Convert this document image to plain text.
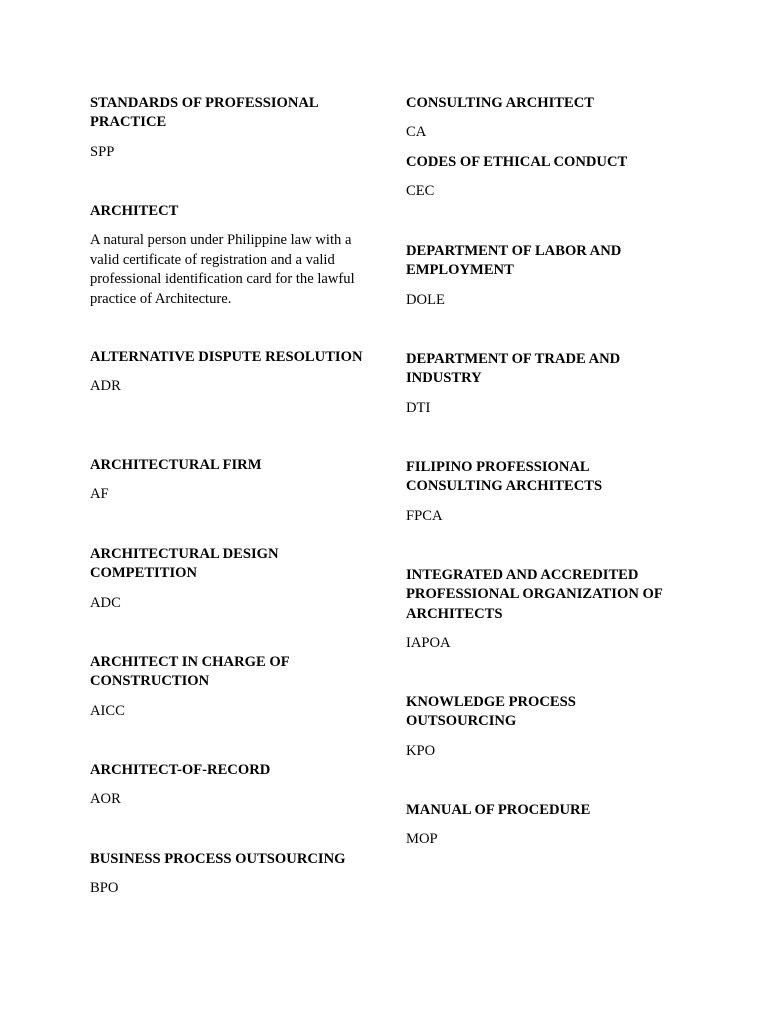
STANDARDS OF PROFESSIONAL PRACTICE

SPP

ARCHITECT

A natural person under Philippine law with a valid certificate of registration and a valid professional identification card for the lawful practice of Architecture.

ALTERNATIVE DISPUTE RESOLUTION

ADR

ARCHITECTURAL FIRM

AF

ARCHITECTURAL DESIGN COMPETITION

ADC

ARCHITECT IN CHARGE OF CONSTRUCTION

AICC

ARCHITECT-OF-RECORD

AOR

BUSINESS PROCESS OUTSOURCING

BPO

CONSULTING ARCHITECT

CA

CODES OF ETHICAL CONDUCT

CEC

DEPARTMENT OF LABOR AND EMPLOYMENT

DOLE

DEPARTMENT OF TRADE AND INDUSTRY

DTI

FILIPINO PROFESSIONAL CONSULTING ARCHITECTS

FPCA

INTEGRATED AND ACCREDITED PROFESSIONAL ORGANIZATION OF ARCHITECTS

IAPOA

KNOWLEDGE PROCESS OUTSOURCING

KPO

MANUAL OF PROCEDURE

MOP
